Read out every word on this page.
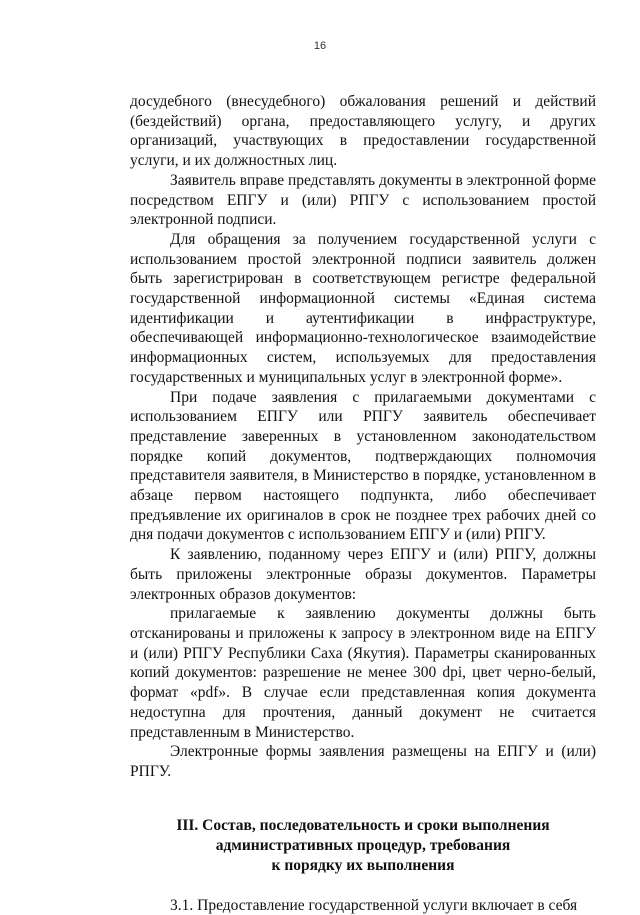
16

досудебного (внесудебного) обжалования решений и действий (бездействий) органа, предоставляющего услугу, и других организаций, участвующих в предоставлении государственной услуги, и их должностных лиц.

Заявитель вправе представлять документы в электронной форме посредством ЕПГУ и (или) РПГУ с использованием простой электронной подписи.

Для обращения за получением государственной услуги с использованием простой электронной подписи заявитель должен быть зарегистрирован в соответствующем регистре федеральной государственной информационной системы «Единая система идентификации и аутентификации в инфраструктуре, обеспечивающей информационно-технологическое взаимодействие информационных систем, используемых для предоставления государственных и муниципальных услуг в электронной форме».

При подаче заявления с прилагаемыми документами с использованием ЕПГУ или РПГУ заявитель обеспечивает представление заверенных в установленном законодательством порядке копий документов, подтверждающих полномочия представителя заявителя, в Министерство в порядке, установленном в абзаце первом настоящего подпункта, либо обеспечивает предъявление их оригиналов в срок не позднее трех рабочих дней со дня подачи документов с использованием ЕПГУ и (или) РПГУ.

К заявлению, поданному через ЕПГУ и (или) РПГУ, должны быть приложены электронные образы документов. Параметры электронных образов документов:

прилагаемые к заявлению документы должны быть отсканированы и приложены к запросу в электронном виде на ЕПГУ и (или) РПГУ Республики Саха (Якутия). Параметры сканированных копий документов: разрешение не менее 300 dpi, цвет черно-белый, формат «pdf». В случае если представленная копия документа недоступна для прочтения, данный документ не считается представленным в Министерство.

Электронные формы заявления размещены на ЕПГУ и (или) РПГУ.

III. Состав, последовательность и сроки выполнения
административных процедур, требования
к порядку их выполнения

3.1. Предоставление государственной услуги включает в себя
